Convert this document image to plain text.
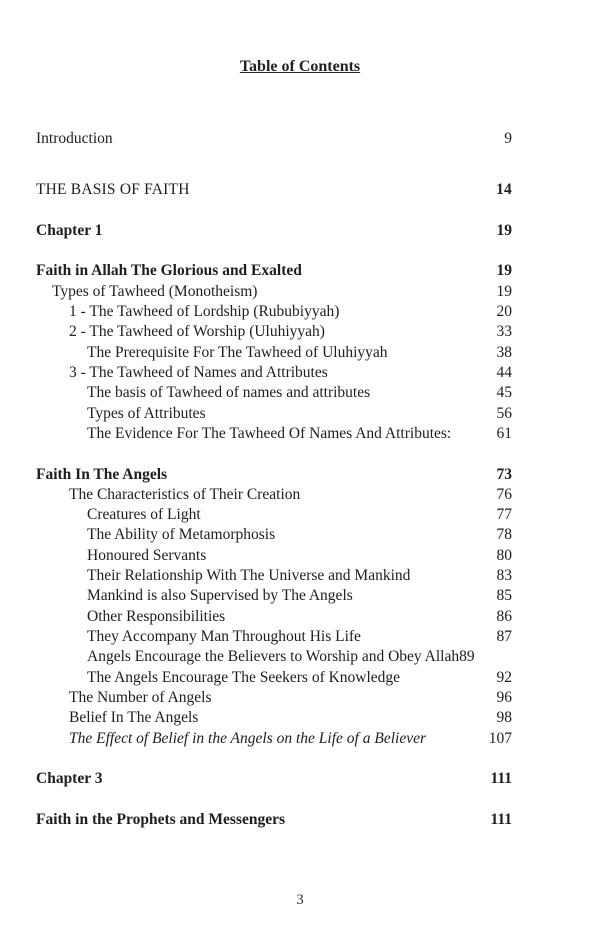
Table of Contents
Introduction	9
THE BASIS OF FAITH	14
Chapter 1	19
Faith in Allah The Glorious and Exalted	19
Types of Tawheed (Monotheism)	19
1 - The Tawheed of Lordship (Rububiyyah)	20
2 - The Tawheed of Worship (Uluhiyyah)	33
The Prerequisite For The Tawheed of Uluhiyyah	38
3 - The Tawheed of Names and Attributes	44
The basis of Tawheed of names and attributes	45
Types of Attributes	56
The Evidence For The Tawheed Of Names And Attributes:	61
Faith In The Angels	73
The Characteristics of Their Creation	76
Creatures of Light	77
The Ability of Metamorphosis	78
Honoured Servants	80
Their Relationship With The Universe and Mankind	83
Mankind is also Supervised by The Angels	85
Other Responsibilities	86
They Accompany Man Throughout His Life	87
Angels Encourage the Believers to Worship and Obey Allah 89
The Angels Encourage The Seekers of Knowledge	92
The Number of Angels	96
Belief In The Angels	98
The Effect of Belief in the Angels on the Life of a Believer	107
Chapter 3	111
Faith in the Prophets and Messengers	111
3
